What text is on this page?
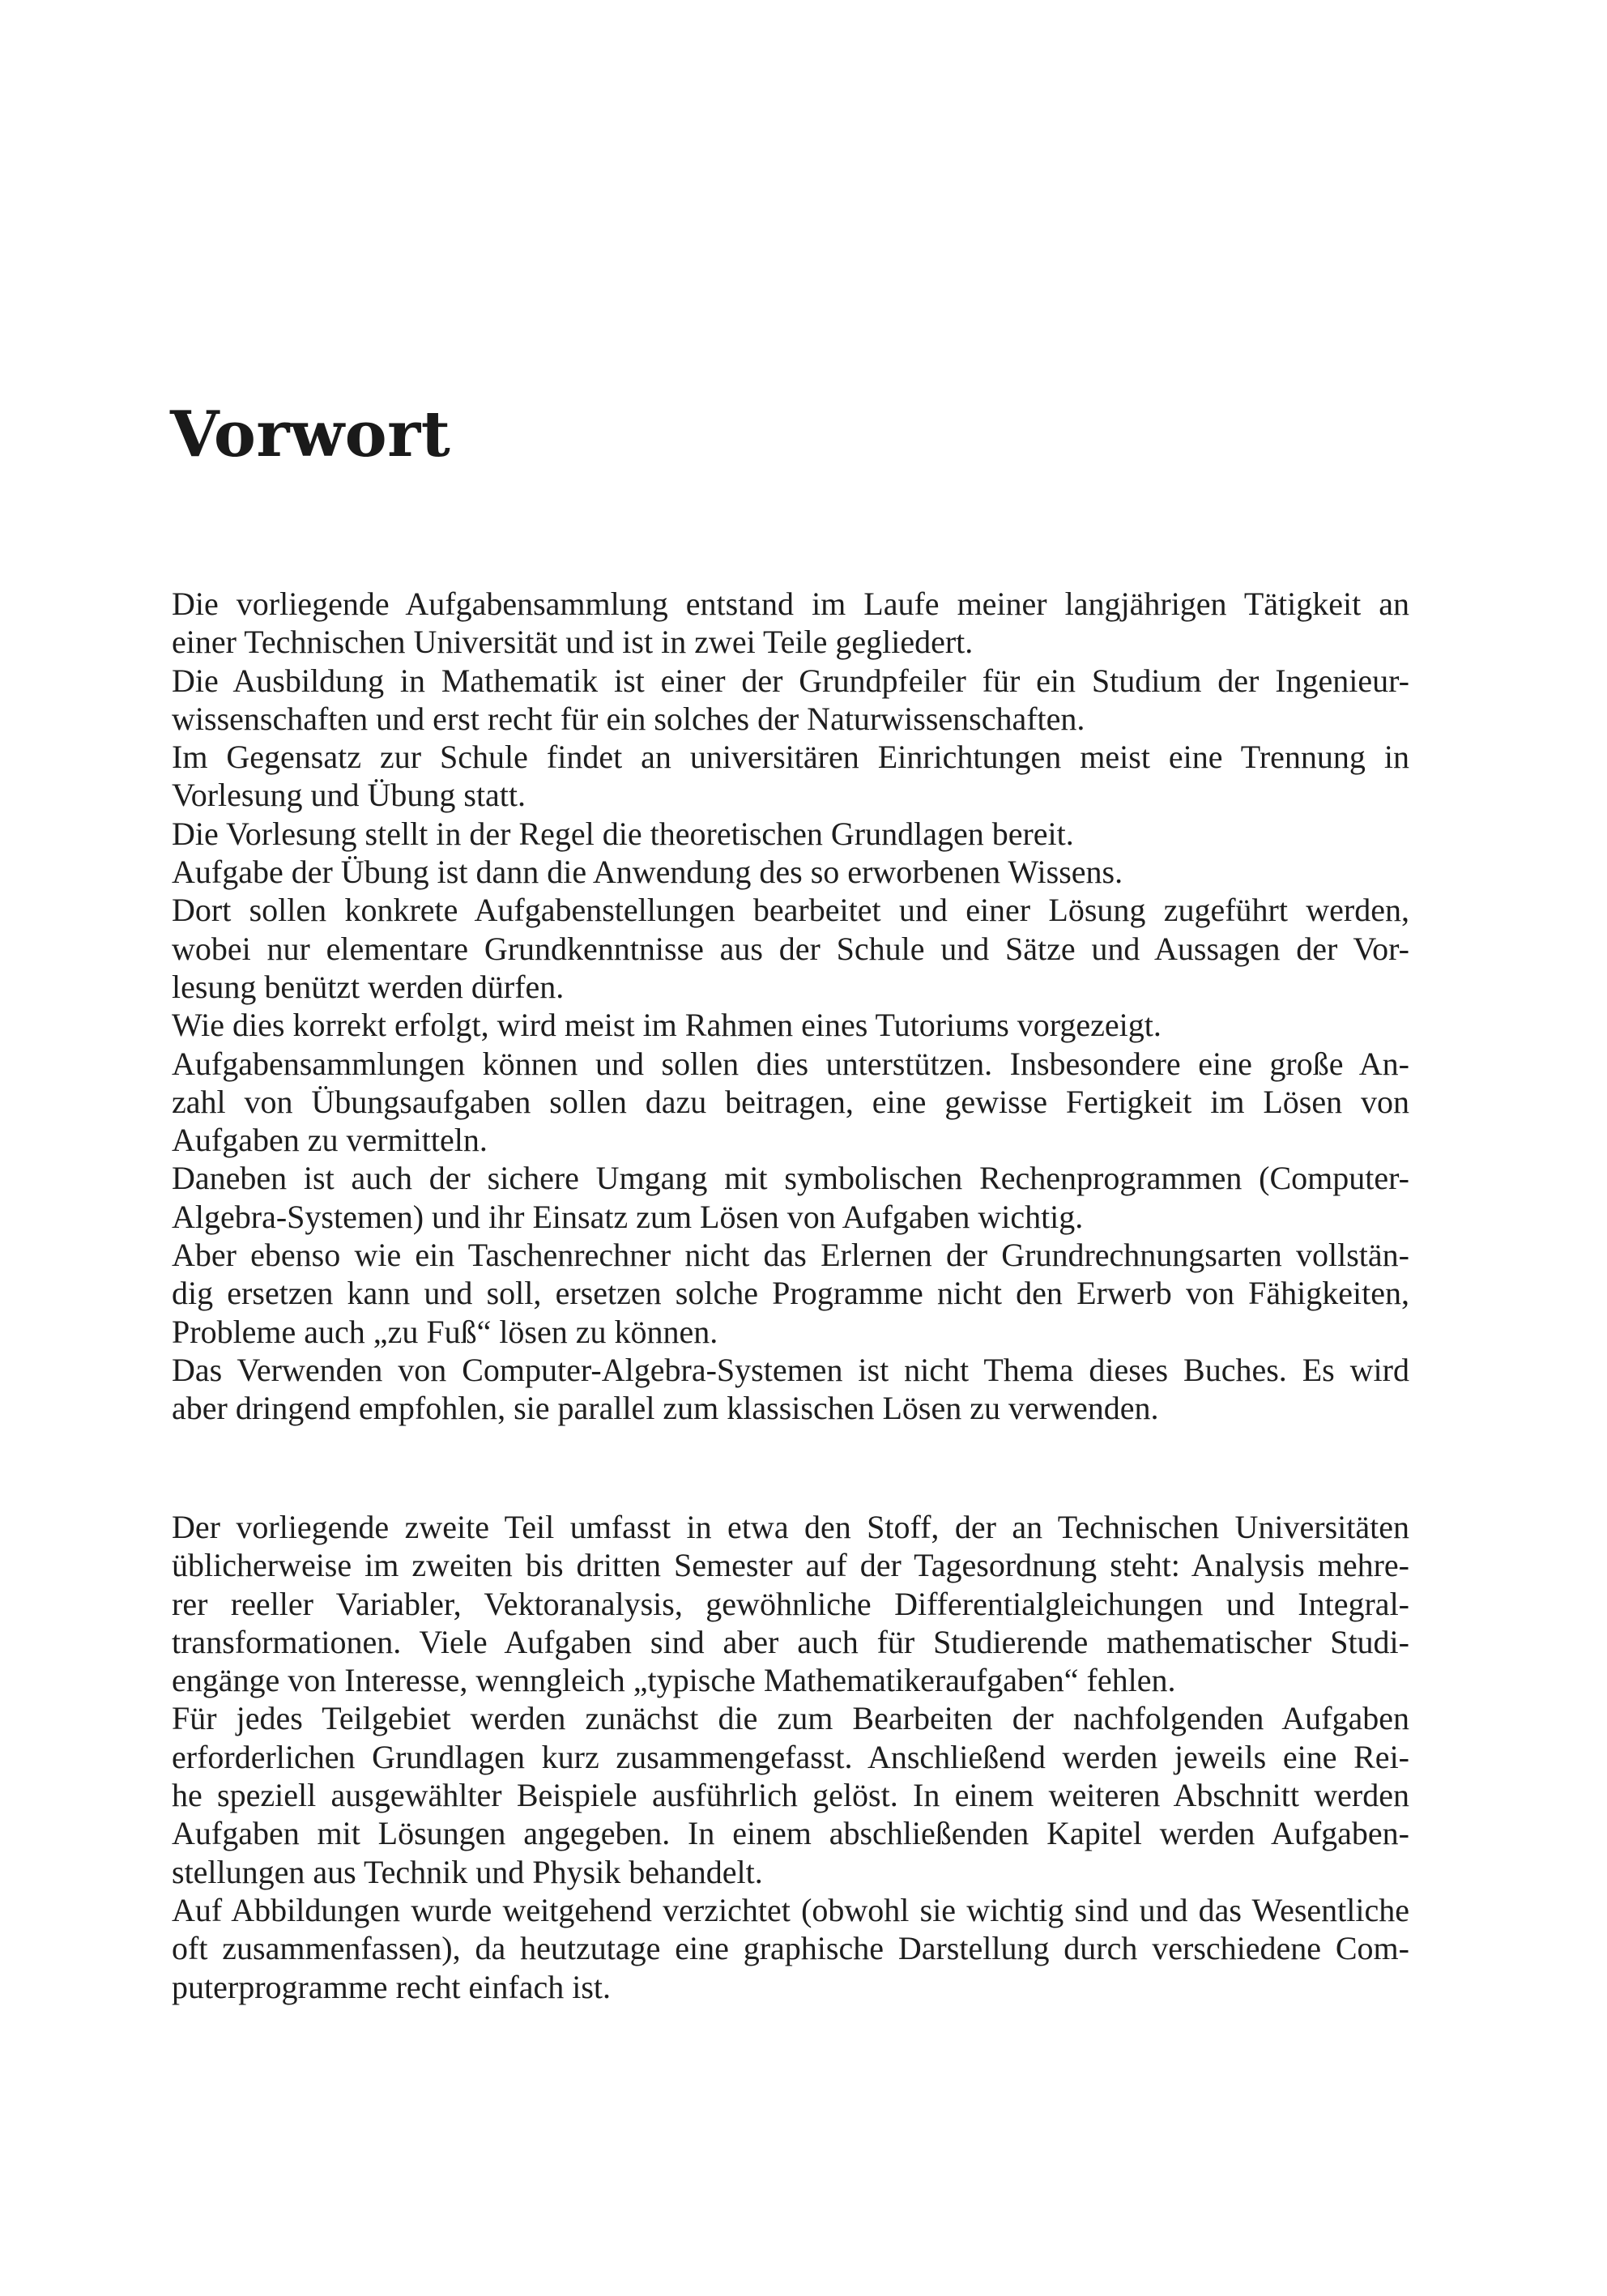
Vorwort
Die vorliegende Aufgabensammlung entstand im Laufe meiner langjährigen Tätigkeit an
einer Technischen Universität und ist in zwei Teile gegliedert.
Die Ausbildung in Mathematik ist einer der Grundpfeiler für ein Studium der Ingenieur-
wissenschaften und erst recht für ein solches der Naturwissenschaften.
Im Gegensatz zur Schule findet an universitären Einrichtungen meist eine Trennung in
Vorlesung und Übung statt.
Die Vorlesung stellt in der Regel die theoretischen Grundlagen bereit.
Aufgabe der Übung ist dann die Anwendung des so erworbenen Wissens.
Dort sollen konkrete Aufgabenstellungen bearbeitet und einer Lösung zugeführt werden,
wobei nur elementare Grundkenntnisse aus der Schule und Sätze und Aussagen der Vor-
lesung benützt werden dürfen.
Wie dies korrekt erfolgt, wird meist im Rahmen eines Tutoriums vorgezeigt.
Aufgabensammlungen können und sollen dies unterstützen. Insbesondere eine große An-
zahl von Übungsaufgaben sollen dazu beitragen, eine gewisse Fertigkeit im Lösen von
Aufgaben zu vermitteln.
Daneben ist auch der sichere Umgang mit symbolischen Rechenprogrammen (Computer-
Algebra-Systemen) und ihr Einsatz zum Lösen von Aufgaben wichtig.
Aber ebenso wie ein Taschenrechner nicht das Erlernen der Grundrechnungsarten vollstän-
dig ersetzen kann und soll, ersetzen solche Programme nicht den Erwerb von Fähigkeiten,
Probleme auch „zu Fuß“ lösen zu können.
Das Verwenden von Computer-Algebra-Systemen ist nicht Thema dieses Buches. Es wird
aber dringend empfohlen, sie parallel zum klassischen Lösen zu verwenden.
Der vorliegende zweite Teil umfasst in etwa den Stoff, der an Technischen Universitäten
üblicherweise im zweiten bis dritten Semester auf der Tagesordnung steht: Analysis mehre-
rer reeller Variabler, Vektoranalysis, gewöhnliche Differentialgleichungen und Integral-
transformationen. Viele Aufgaben sind aber auch für Studierende mathematischer Studi-
engänge von Interesse, wenngleich „typische Mathematikeraufgaben“ fehlen.
Für jedes Teilgebiet werden zunächst die zum Bearbeiten der nachfolgenden Aufgaben
erforderlichen Grundlagen kurz zusammengefasst. Anschließend werden jeweils eine Rei-
he speziell ausgewählter Beispiele ausführlich gelöst. In einem weiteren Abschnitt werden
Aufgaben mit Lösungen angegeben. In einem abschließenden Kapitel werden Aufgaben-
stellungen aus Technik und Physik behandelt.
Auf Abbildungen wurde weitgehend verzichtet (obwohl sie wichtig sind und das Wesentliche
oft zusammenfassen), da heutzutage eine graphische Darstellung durch verschiedene Com-
puterprogramme recht einfach ist.
